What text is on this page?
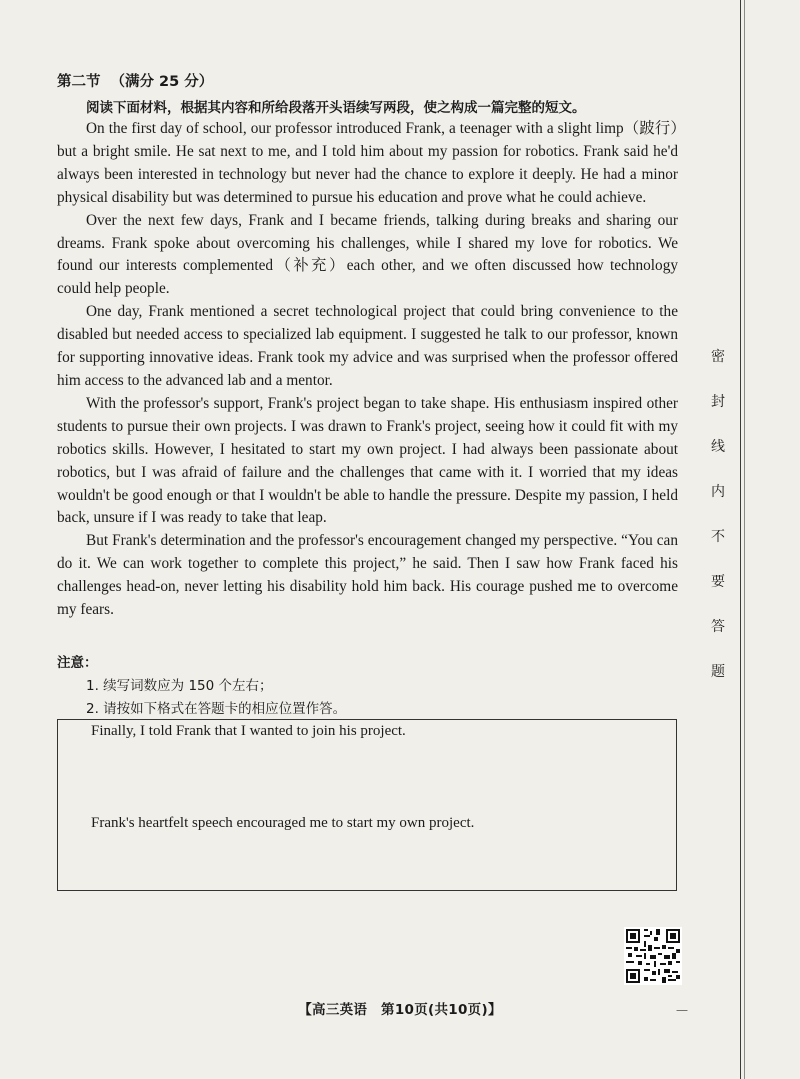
第二节 （满分 25 分）
阅读下面材料，根据其内容和所给段落开头语续写两段，使之构成一篇完整的短文。

On the first day of school, our professor introduced Frank, a teenager with a slight limp（跛行）but a bright smile. He sat next to me, and I told him about my passion for robotics. Frank said he'd always been interested in technology but never had the chance to explore it deeply. He had a minor physical disability but was determined to pursue his education and prove what he could achieve.

Over the next few days, Frank and I became friends, talking during breaks and sharing our dreams. Frank spoke about overcoming his challenges, while I shared my love for robotics. We found our interests complemented（补充）each other, and we often discussed how technology could help people.

One day, Frank mentioned a secret technological project that could bring convenience to the disabled but needed access to specialized lab equipment. I suggested he talk to our professor, known for supporting innovative ideas. Frank took my advice and was surprised when the professor offered him access to the advanced lab and a mentor.

With the professor's support, Frank's project began to take shape. His enthusiasm inspired other students to pursue their own projects. I was drawn to Frank's project, seeing how it could fit with my robotics skills. However, I hesitated to start my own project. I had always been passionate about robotics, but I was afraid of failure and the challenges that came with it. I worried that my ideas wouldn't be good enough or that I wouldn't be able to handle the pressure. Despite my passion, I held back, unsure if I was ready to take that leap.

But Frank's determination and the professor's encouragement changed my perspective. “You can do it. We can work together to complete this project,” he said. Then I saw how Frank faced his challenges head-on, never letting his disability hold him back. His courage pushed me to overcome my fears.

注意：
1. 续写词数应为 150 个左右；
2. 请按如下格式在答题卡的相应位置作答。
Finally, I told Frank that I wanted to join his project.
Frank's heartfelt speech encouraged me to start my own project.
【高三英语　第10页(共10页)】	—
密
封
线
内
不
要
答
题
